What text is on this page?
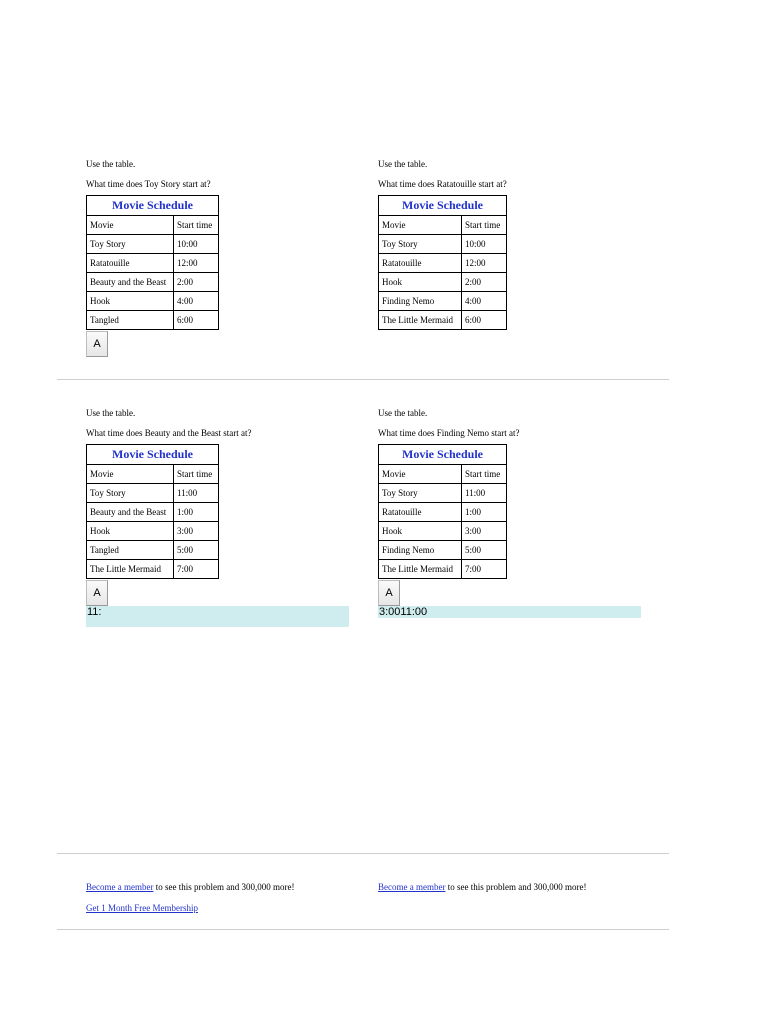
Use the table.

What time does Toy Story start at?

Movie Schedule	
Movie	Start time
Toy Story	10:00
Ratatouille	12:00
Beauty and the Beast	2:00
Hook	4:00
Tangled	6:00
A

Use the table.

What time does Ratatouille start at?

Movie Schedule	
Movie	Start time
Toy Story	10:00
Ratatouille	12:00
Hook	2:00
Finding Nemo	4:00
The Little Mermaid	6:00

Use the table.

What time does Beauty and the Beast start at?

Movie Schedule	
Movie	Start time
Toy Story	11:00
Beauty and the Beast	1:00
Hook	3:00
Tangled	5:00
The Little Mermaid	7:00
A
11:

Use the table.

What time does Finding Nemo start at?

Movie Schedule	
Movie	Start time
Toy Story	11:00
Ratatouille	1:00
Hook	3:00
Finding Nemo	5:00
The Little Mermaid	7:00
A
3:0011:00
Become a member to see this problem and 300,000 more!
Get 1 Month Free Membership
Become a member to see this problem and 300,000 more!
